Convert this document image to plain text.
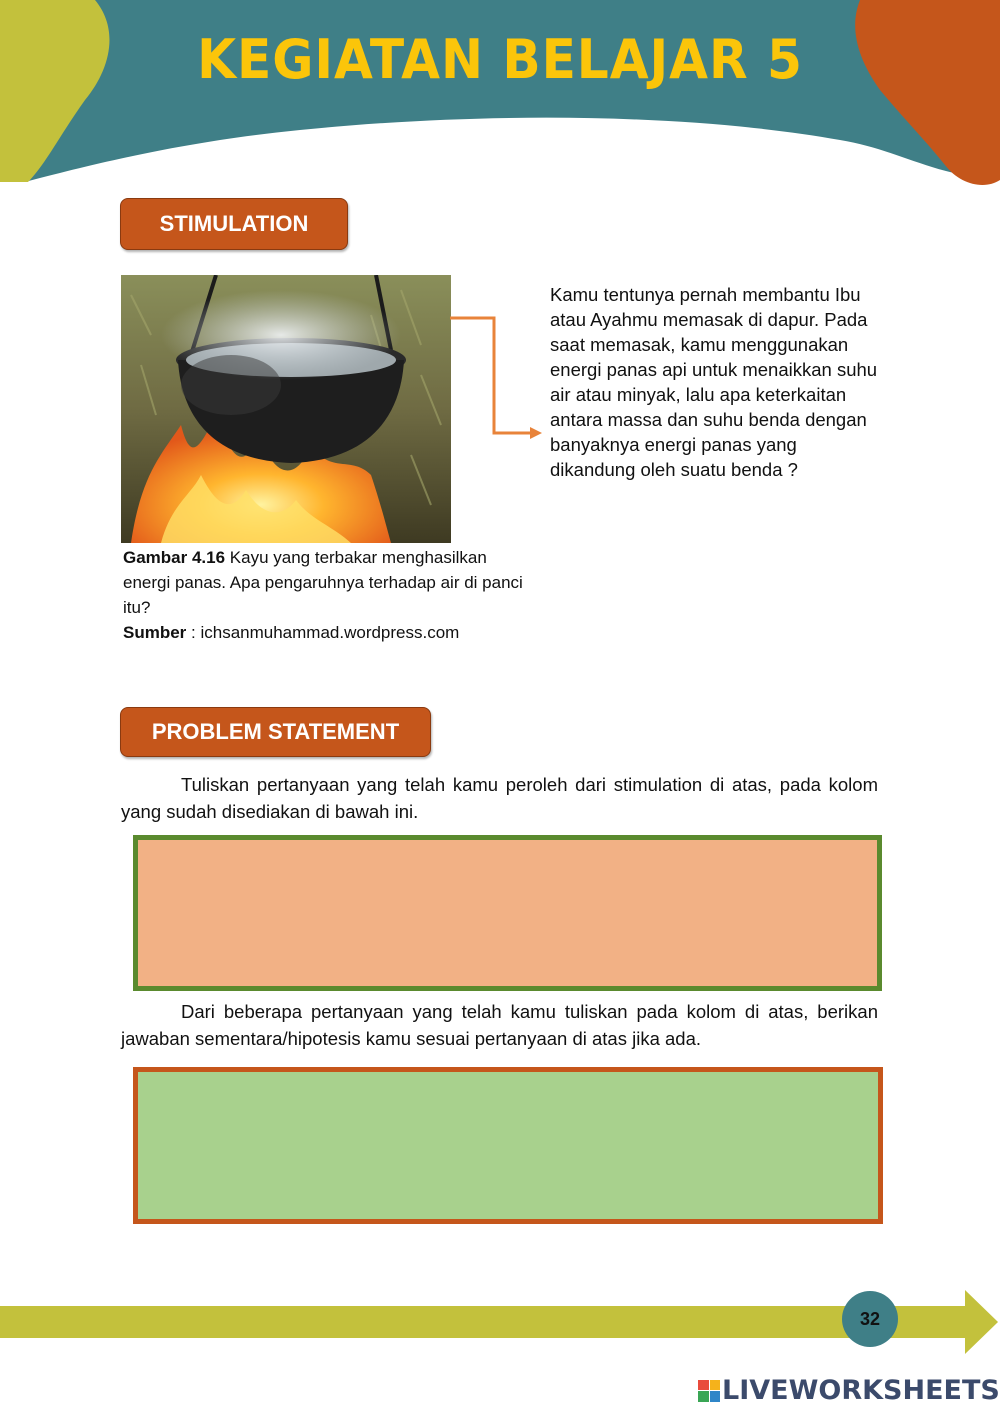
KEGIATAN BELAJAR 5
STIMULATION
Gambar 4.16 Kayu yang terbakar menghasilkan energi panas. Apa pengaruhnya terhadap air di panci itu?
Sumber : ichsanmuhammad.wordpress.com
Kamu tentunya pernah membantu Ibu atau Ayahmu memasak di dapur. Pada saat memasak, kamu menggunakan energi panas api untuk menaikkan suhu air atau minyak, lalu apa keterkaitan antara massa dan suhu benda dengan banyaknya energi panas yang dikandung oleh suatu benda ?
PROBLEM STATEMENT
Tuliskan pertanyaan yang telah kamu peroleh dari stimulation di atas, pada kolom yang sudah disediakan di bawah ini.
Dari beberapa pertanyaan yang telah kamu tuliskan pada kolom di atas, berikan jawaban sementara/hipotesis kamu sesuai pertanyaan di atas jika ada.
32
LIVEWORKSHEETS
